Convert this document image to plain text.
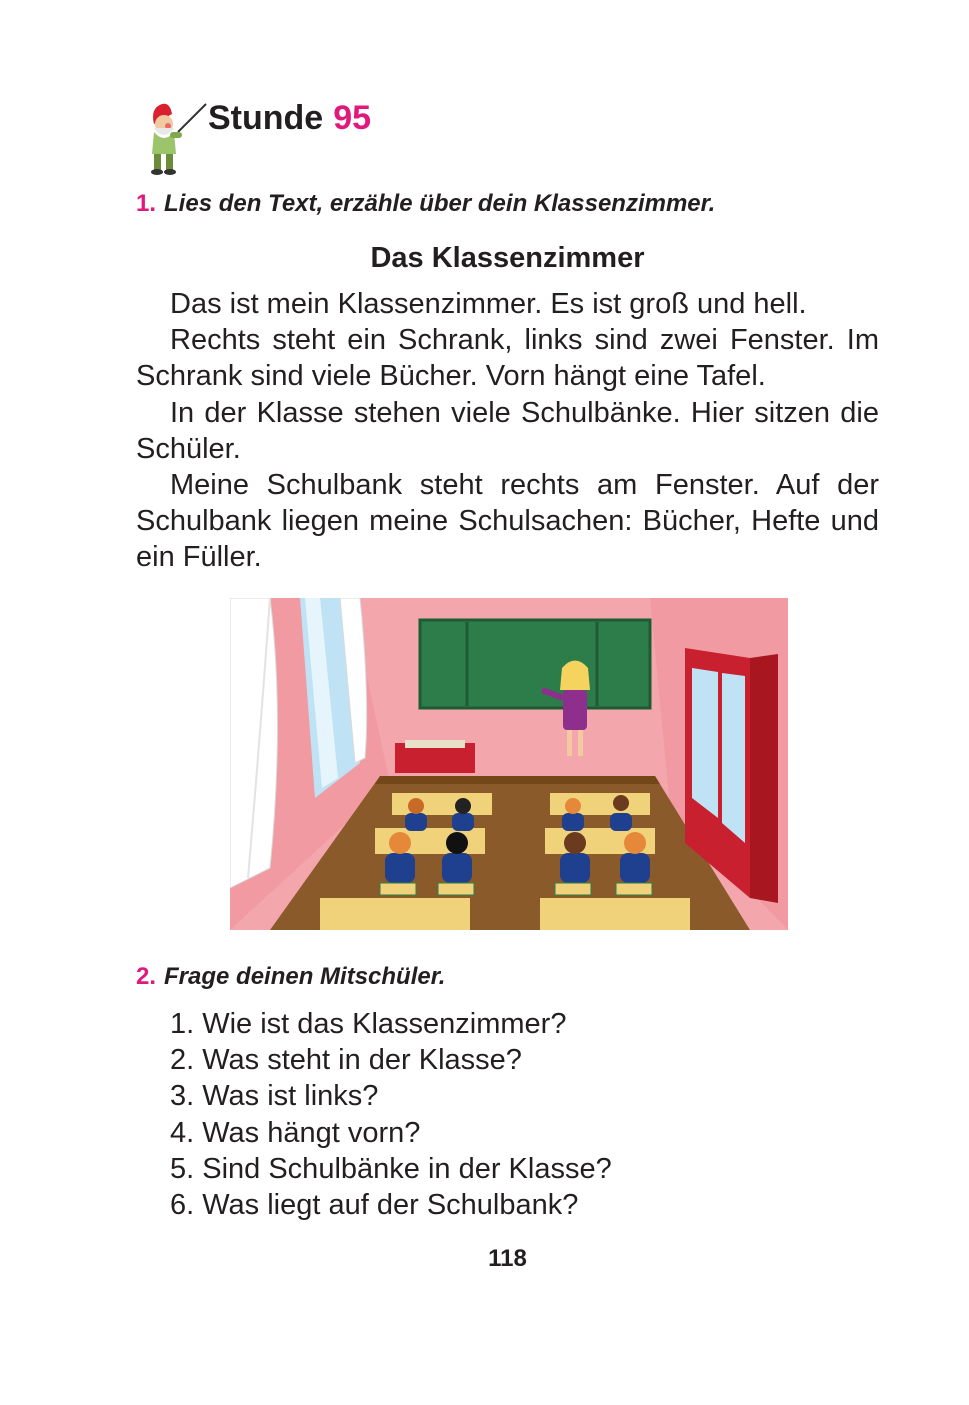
Stunde 95
1. Lies den Text, erzähle über dein Klassenzimmer.
Das Klassenzimmer

Das ist mein Klassenzimmer. Es ist groß und hell.

Rechts steht ein Schrank, links sind zwei Fenster. Im Schrank sind viele Bücher. Vorn hängt eine Tafel.

In der Klasse stehen viele Schulbänke. Hier sitzen die Schüler.

Meine Schulbank steht rechts am Fenster. Auf der Schulbank liegen meine Schulsachen: Bücher, Hefte und ein Füller.

2. Frage deinen Mitschüler.
1. Wie ist das Klassenzimmer?
2. Was steht in der Klasse?
3. Was ist links?
4. Was hängt vorn?
5. Sind Schulbänke in der Klasse?
6. Was liegt auf der Schulbank?
118
